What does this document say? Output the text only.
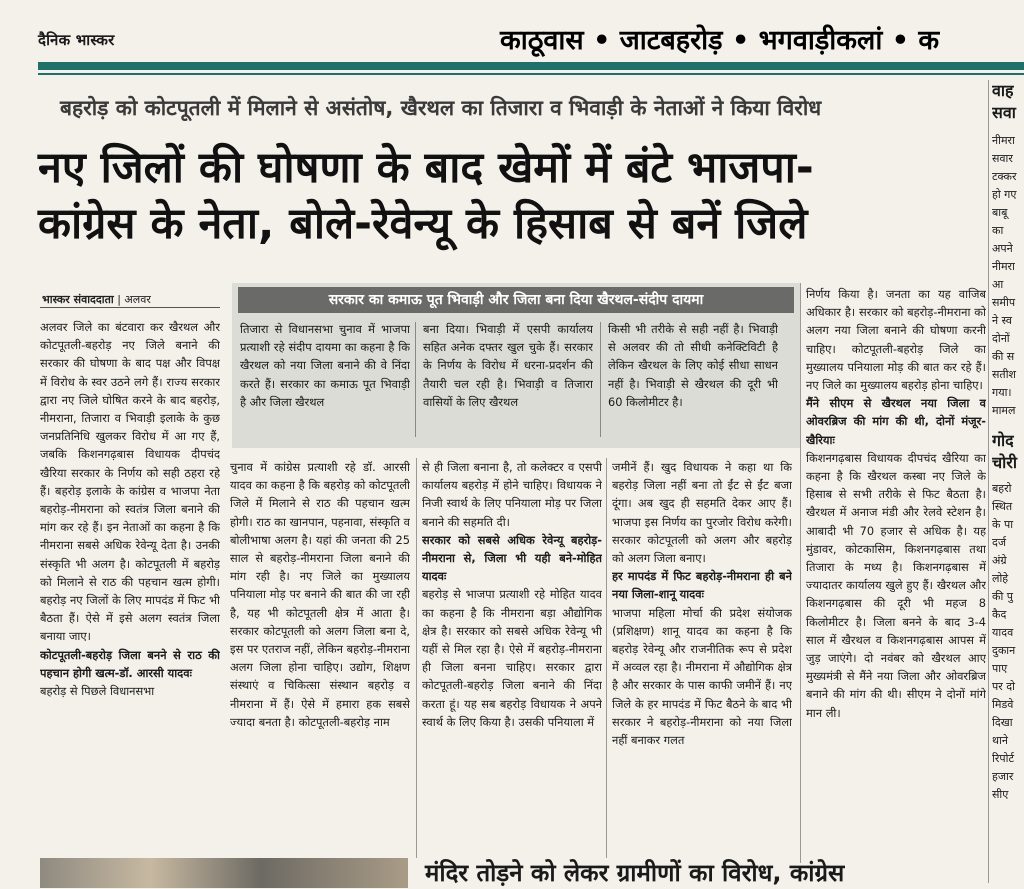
दैनिक भास्कर	काठूवास • जाटबहरोड़ • भगवाड़ीकलां • क
बहरोड़ को कोटपूतली में मिलाने से असंतोष, खैरथल का तिजारा व भिवाड़ी के नेताओं ने किया विरोध
नए जिलों की घोषणा के बाद खेमों में बंटे भाजपा-
कांग्रेस के नेता, बोले-रेवेन्यू के हिसाब से बनें जिले
भास्कर संवाददाता | अलवर

अलवर जिले का बंटवारा कर खैरथल और कोटपूतली-बहरोड़ नए जिले बनाने की सरकार की घोषणा के बाद पक्ष और विपक्ष में विरोध के स्वर उठने लगे हैं। राज्य सरकार द्वारा नए जिले घोषित करने के बाद बहरोड़, नीमराना, तिजारा व भिवाड़ी इलाके के कुछ जनप्रतिनिधि खुलकर विरोध में आ गए हैं, जबकि किशनगढ़बास विधायक दीपचंद खैरिया सरकार के निर्णय को सही ठहरा रहे हैं। बहरोड़ इलाके के कांग्रेस व भाजपा नेता बहरोड़-नीमराना को स्वतंत्र जिला बनाने की मांग कर रहे हैं। इन नेताओं का कहना है कि नीमराना सबसे अधिक रेवेन्यू देता है। उनकी संस्कृति भी अलग है। कोटपूतली में बहरोड़ को मिलाने से राठ की पहचान खत्म होगी। बहरोड़ नए जिलों के लिए मापदंड में फिट भी बैठता हैं। ऐसे में इसे अलग स्वतंत्र जिला बनाया जाए।

कोटपूतली-बहरोड़ जिला बनने से राठ की पहचान होगी खत्म-डॉ. आरसी यादवः

बहरोड़ से पिछले विधानसभा

सरकार का कमाऊ पूत भिवाड़ी और जिला बना दिया खैरथल-संदीप दायमा
तिजारा से विधानसभा चुनाव में भाजपा प्रत्याशी रहे संदीप दायमा का कहना है कि खैरथल को नया जिला बनाने की वे निंदा करते हैं। सरकार का कमाऊ पूत भिवाड़ी है और जिला खैरथल
बना दिया। भिवाड़ी में एसपी कार्यालय सहित अनेक दफ्तर खुल चुके हैं। सरकार के निर्णय के विरोध में धरना-प्रदर्शन की तैयारी चल रही है। भिवाड़ी व तिजारा वासियों के लिए खैरथल
किसी भी तरीके से सही नहीं है। भिवाड़ी से अलवर की तो सीधी कनेक्टिविटी है लेकिन खैरथल के लिए कोई सीधा साधन नहीं है। भिवाड़ी से खैरथल की दूरी भी 60 किलोमीटर है।

चुनाव में कांग्रेस प्रत्याशी रहे डॉ. आरसी यादव का कहना है कि बहरोड़ को कोटपूतली जिले में मिलाने से राठ की पहचान खत्म होगी। राठ का खानपान, पहनावा, संस्कृति व बोलीभाषा अलग है। यहां की जनता की 25 साल से बहरोड़-नीमराना जिला बनाने की मांग रही है। नए जिले का मुख्यालय पनियाला मोड़ पर बनाने की बात की जा रही है, यह भी कोटपूतली क्षेत्र में आता है। सरकार कोटपूतली को अलग जिला बना दे, इस पर एतराज नहीं, लेकिन बहरोड़-नीमराना अलग जिला होना चाहिए। उद्योग, शिक्षण संस्थाएं व चिकित्सा संस्थान बहरोड़ व नीमराना में हैं। ऐसे में हमारा हक सबसे ज्यादा बनता है। कोटपूतली-बहरोड़ नाम

से ही जिला बनाना है, तो कलेक्टर व एसपी कार्यालय बहरोड़ में होने चाहिए। विधायक ने निजी स्वार्थ के लिए पनियाला मोड़ पर जिला बनाने की सहमति दी।

सरकार को सबसे अधिक रेवेन्यू बहरोड़-नीमराना से, जिला भी यही बने-मोहित यादवः

बहरोड़ से भाजपा प्रत्याशी रहे मोहित यादव का कहना है कि नीमराना बड़ा औद्योगिक क्षेत्र है। सरकार को सबसे अधिक रेवेन्यू भी यहीं से मिल रहा है। ऐसे में बहरोड़-नीमराना ही जिला बनना चाहिए। सरकार द्वारा कोटपूतली-बहरोड़ जिला बनाने की निंदा करता हूं। यह सब बहरोड़ विधायक ने अपने स्वार्थ के लिए किया है। उसकी पनियाला में

जमीनें हैं। खुद विधायक ने कहा था कि बहरोड़ जिला नहीं बना तो ईंट से ईंट बजा दूंगा। अब खुद ही सहमति देकर आए हैं। भाजपा इस निर्णय का पुरजोर विरोध करेगी। सरकार कोटपूतली को अलग और बहरोड़ को अलग जिला बनाए।

हर मापदंड में फिट बहरोड़-नीमराना ही बने नया जिला-शानू यादवः

भाजपा महिला मोर्चा की प्रदेश संयोजक (प्रशिक्षण) शानू यादव का कहना है कि बहरोड़ रेवेन्यू और राजनीतिक रूप से प्रदेश में अव्वल रहा है। नीमराना में औद्योगिक क्षेत्र है और सरकार के पास काफी जमीनें हैं। नए जिले के हर मापदंड में फिट बैठने के बाद भी सरकार ने बहरोड़-नीमराना को नया जिला नहीं बनाकर गलत

निर्णय किया है। जनता का यह वाजिब अधिकार है। सरकार को बहरोड़-नीमराना को अलग नया जिला बनाने की घोषणा करनी चाहिए। कोटपूतली-बहरोड़ जिले का मुख्यालय पनियाला मोड़ की बात कर रहे हैं। नए जिले का मुख्यालय बहरोड़ होना चाहिए।

मैंने सीएम से खैरथल नया जिला व ओवरब्रिज की मांग की थी, दोनों मंजूर-खैरियाः

किशनगढ़बास विधायक दीपचंद खैरिया का कहना है कि खैरथल कस्बा नए जिले के हिसाब से सभी तरीके से फिट बैठता है। खैरथल में अनाज मंडी और रेलवे स्टेशन है। आबादी भी 70 हजार से अधिक है। यह मुंडावर, कोटकासिम, किशनगढ़बास तथा तिजारा के मध्य है। किशनगढ़बास में ज्यादातर कार्यालय खुले हुए हैं। खैरथल और किशनगढ़बास की दूरी भी महज 8 किलोमीटर है। जिला बनने के बाद 3-4 साल में खैरथल व किशनगढ़बास आपस में जुड़ जाएंगे। दो नवंबर को खैरथल आए मुख्यमंत्री से मैंने नया जिला और ओवरब्रिज बनाने की मांग की थी। सीएम ने दोनों मांगे मान ली।

वाह

सवा

नीमरा

सवार

टक्कर

हो गए

बाबू

का

अपने

नीमरा

आ

समीप

ने स्व

दोनों

की स

सतीश

गया।

मामल

गोद

चोरी

बहरो

स्थित

के पा

दर्ज

अंग्रे

लोहे

की पु

कैद

यादव

दुकान

पाए

पर दो

मिडवे

दिखा

थाने

रिपोर्ट

हजार

सीए

मंदिर तोड़ने को लेकर ग्रामीणों का विरोध, कांग्रेस
